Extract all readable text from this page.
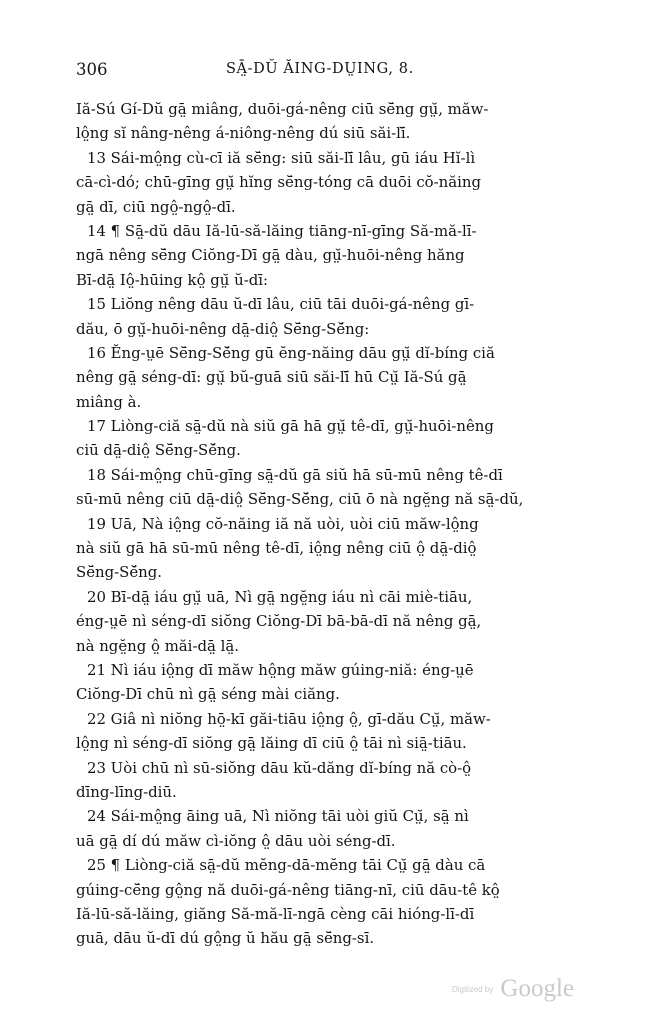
306	SĀ̤-DŬ ĂING-DṲING, 8.
Iă-Sú Gí-Dŭ gā̤ miâng, duōi-gá-nêng ciū sĕ̄ng gṳ̆, măw-
lô̤ng sĭ nâng-nêng á-niông-nêng dú siū săi-lī̆.
13 Sái-mô̤ng cù-cī iă sĕ̄ng: siū săi-lī̆ lâu, gū iáu Hĭ-lì
cā-cì-dó; chū-gīng gṳ̆ hĭng sĕ̄ng-tóng cā duōi cŏ-năing
gā̤ dī, ciū ngô̤-ngô̤-dī.
14 ¶ Sā̤-dŭ dāu Iă-lū-să-lăing tiāng-nī-gīng Să-mă-lī-
ngā nêng sĕ̄ng Ciŏng-Dī gā̤ dàu, gṳ̆-huōi-nêng hăng
Bī-dā̤ Iô̤-hūing kô̤ gṳ̆ ŭ-dī:
15 Liŏng nêng dāu ŭ-dī lâu, ciū tāi duōi-gá-nêng gī-
dău, ō gṳ̆-huōi-nêng dā̤-diô̤ Sĕ̄ng-Sĕ̆ng:
16 Ĕng-ṳē Sĕ̄ng-Sĕ̆ng gū ĕng-năing dāu gṳ̆ dĭ-bíng ciă
nêng gā̤ séng-dī: gṳ̆ bŭ-guā siū săi-lī̆ hū Cṳ̆ Iă-Sú gā̤
miâng à.
17 Liòng-ciă sā̤-dŭ nà siŭ gā hā gṳ̆ tê-dī, gṳ̆-huōi-nêng
ciū dā̤-diô̤ Sĕ̄ng-Sĕ̆ng.
18 Sái-mô̤ng chū-gīng sā̤-dŭ gā siŭ hā sū-mū nêng tê-dī
sū-mū nêng ciū dā̤-diô̤ Sĕ̄ng-Sĕ̆ng, ciū ō nà ngĕ̤ng nă sā̤-dŭ,
19 Uā, Nà iô̤ng cŏ-năing iă nă uòi, uòi ciū măw-lô̤ng
nà siŭ gā hā sū-mū nêng tê-dī, iô̤ng nêng ciū ô̤ dā̤-diô̤
Sĕ̄ng-Sĕ̆ng.
20 Bī-dā̤ iáu gṳ̆ uā, Nì gā̤ ngĕ̤ng iáu nì cāi miè-tiāu,
éng-ṳē nì séng-dī siŏng Ciŏng-Dī bā-bā-dī nă nêng gā̤,
nà ngĕ̤ng ô̤ măi-dā̤ lā̤.
21 Nì iáu iô̤ng dī măw hô̤ng măw gúing-niă: éng-ṳē
Ciŏng-Dī chū nì gā̤ séng mài ciăng.
22 Giâ nì niŏng hō̤-kī găi-tiāu iô̤ng ô̤, gī-dău Cṳ̆, măw-
lô̤ng nì séng-dī siŏng gā̤ lăing dī ciū ô̤ tāi nì siā̤-tiāu.
23 Uòi chū nì sū-siŏng dāu kŭ-dăng dĭ-bíng nă cò-ô̤
dīng-līng-diū.
24 Sái-mô̤ng āing uā, Nì niŏng tāi uòi giŭ Cṳ̆, sā̤ nì
uā gā̤ dí dú măw cì-iŏng ô̤ dāu uòi séng-dī.
25 ¶ Liòng-ciă sā̤-dŭ mĕng-dā-mĕng tāi Cṳ̆ gā̤ dàu cā
gúing-cĕ̄ng gô̤ng nă duōi-gá-nêng tiāng-nī, ciū dāu-tê kô̤
Iă-lū-să-lăing, giăng Să-mă-lī-ngā cèng cāi hióng-lī-dī
guā, dāu ŭ-dī dú gô̤ng ŭ hău gā̤ sĕ̄ng-sī.
Digitized by Google
